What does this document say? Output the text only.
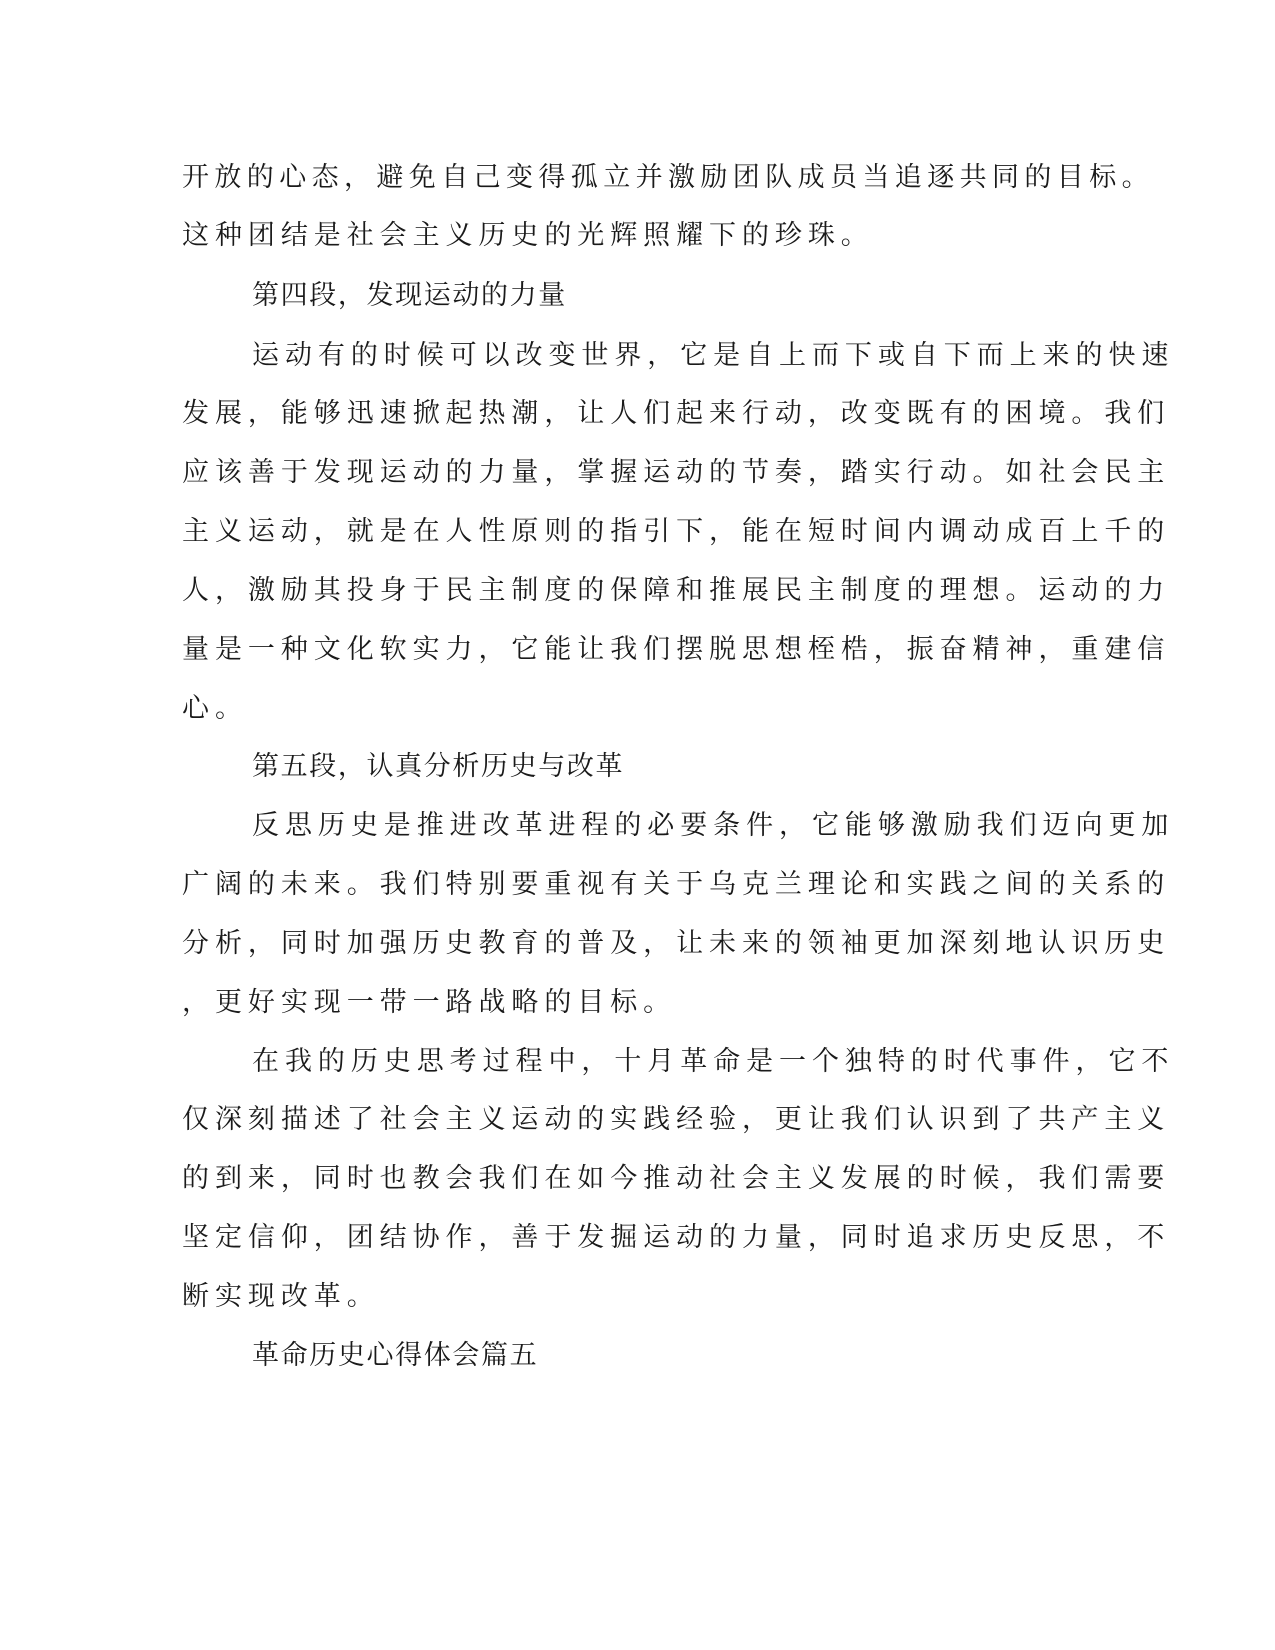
开放的心态，避免自己变得孤立并激励团队成员当追逐共同的目标。
这种团结是社会主义历史的光辉照耀下的珍珠。
第四段，发现运动的力量
运动有的时候可以改变世界，它是自上而下或自下而上来的快速
发展，能够迅速掀起热潮，让人们起来行动，改变既有的困境。我们
应该善于发现运动的力量，掌握运动的节奏，踏实行动。如社会民主
主义运动，就是在人性原则的指引下，能在短时间内调动成百上千的
人，激励其投身于民主制度的保障和推展民主制度的理想。运动的力
量是一种文化软实力，它能让我们摆脱思想桎梏，振奋精神，重建信
心。
第五段，认真分析历史与改革
反思历史是推进改革进程的必要条件，它能够激励我们迈向更加
广阔的未来。我们特别要重视有关于乌克兰理论和实践之间的关系的
分析，同时加强历史教育的普及，让未来的领袖更加深刻地认识历史
，更好实现一带一路战略的目标。
在我的历史思考过程中，十月革命是一个独特的时代事件，它不
仅深刻描述了社会主义运动的实践经验，更让我们认识到了共产主义
的到来，同时也教会我们在如今推动社会主义发展的时候，我们需要
坚定信仰，团结协作，善于发掘运动的力量，同时追求历史反思，不
断实现改革。
革命历史心得体会篇五
